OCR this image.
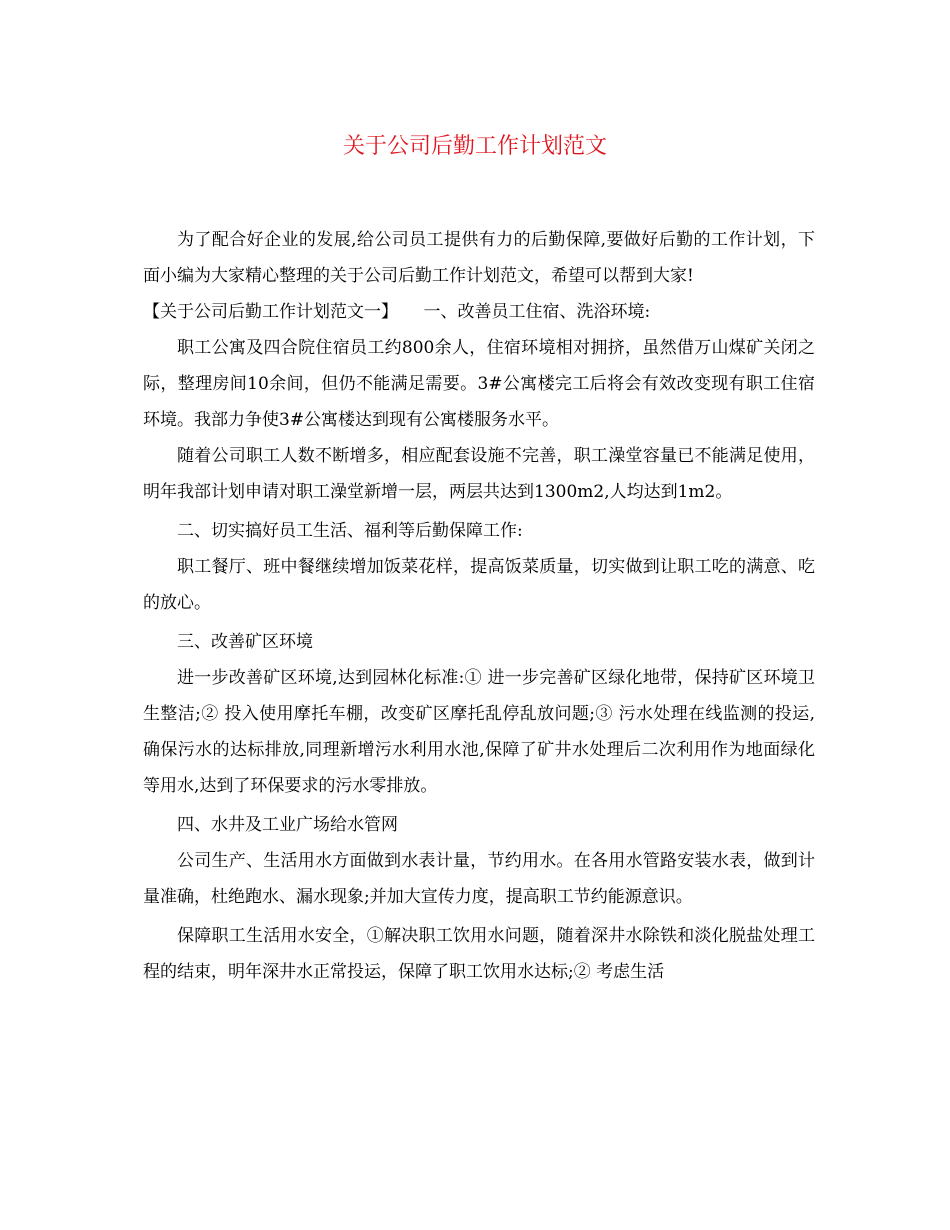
关于公司后勤工作计划范文

为了配合好企业的发展,给公司员工提供有力的后勤保障,要做好后勤的工作计划，下面小编为大家精心整理的关于公司后勤工作计划范文，希望可以帮到大家!

【关于公司后勤工作计划范文一】　　一、改善员工住宿、洗浴环境:

职工公寓及四合院住宿员工约800余人，住宿环境相对拥挤，虽然借万山煤矿关闭之际，整理房间10余间，但仍不能满足需要。3#公寓楼完工后将会有效改变现有职工住宿环境。我部力争使3#公寓楼达到现有公寓楼服务水平。

随着公司职工人数不断增多，相应配套设施不完善，职工澡堂容量已不能满足使用，明年我部计划申请对职工澡堂新增一层，两层共达到1300m2,人均达到1m2。

二、切实搞好员工生活、福利等后勤保障工作:

职工餐厅、班中餐继续增加饭菜花样，提高饭菜质量，切实做到让职工吃的满意、吃的放心。

三、改善矿区环境

进一步改善矿区环境,达到园林化标准:① 进一步完善矿区绿化地带，保持矿区环境卫生整洁;② 投入使用摩托车棚，改变矿区摩托乱停乱放问题;③ 污水处理在线监测的投运,确保污水的达标排放,同理新增污水利用水池,保障了矿井水处理后二次利用作为地面绿化等用水,达到了环保要求的污水零排放。

四、水井及工业广场给水管网

公司生产、生活用水方面做到水表计量，节约用水。在各用水管路安装水表，做到计量准确，杜绝跑水、漏水现象;并加大宣传力度，提高职工节约能源意识。

保障职工生活用水安全，①解决职工饮用水问题，随着深井水除铁和淡化脱盐处理工程的结束，明年深井水正常投运，保障了职工饮用水达标;② 考虑生活
